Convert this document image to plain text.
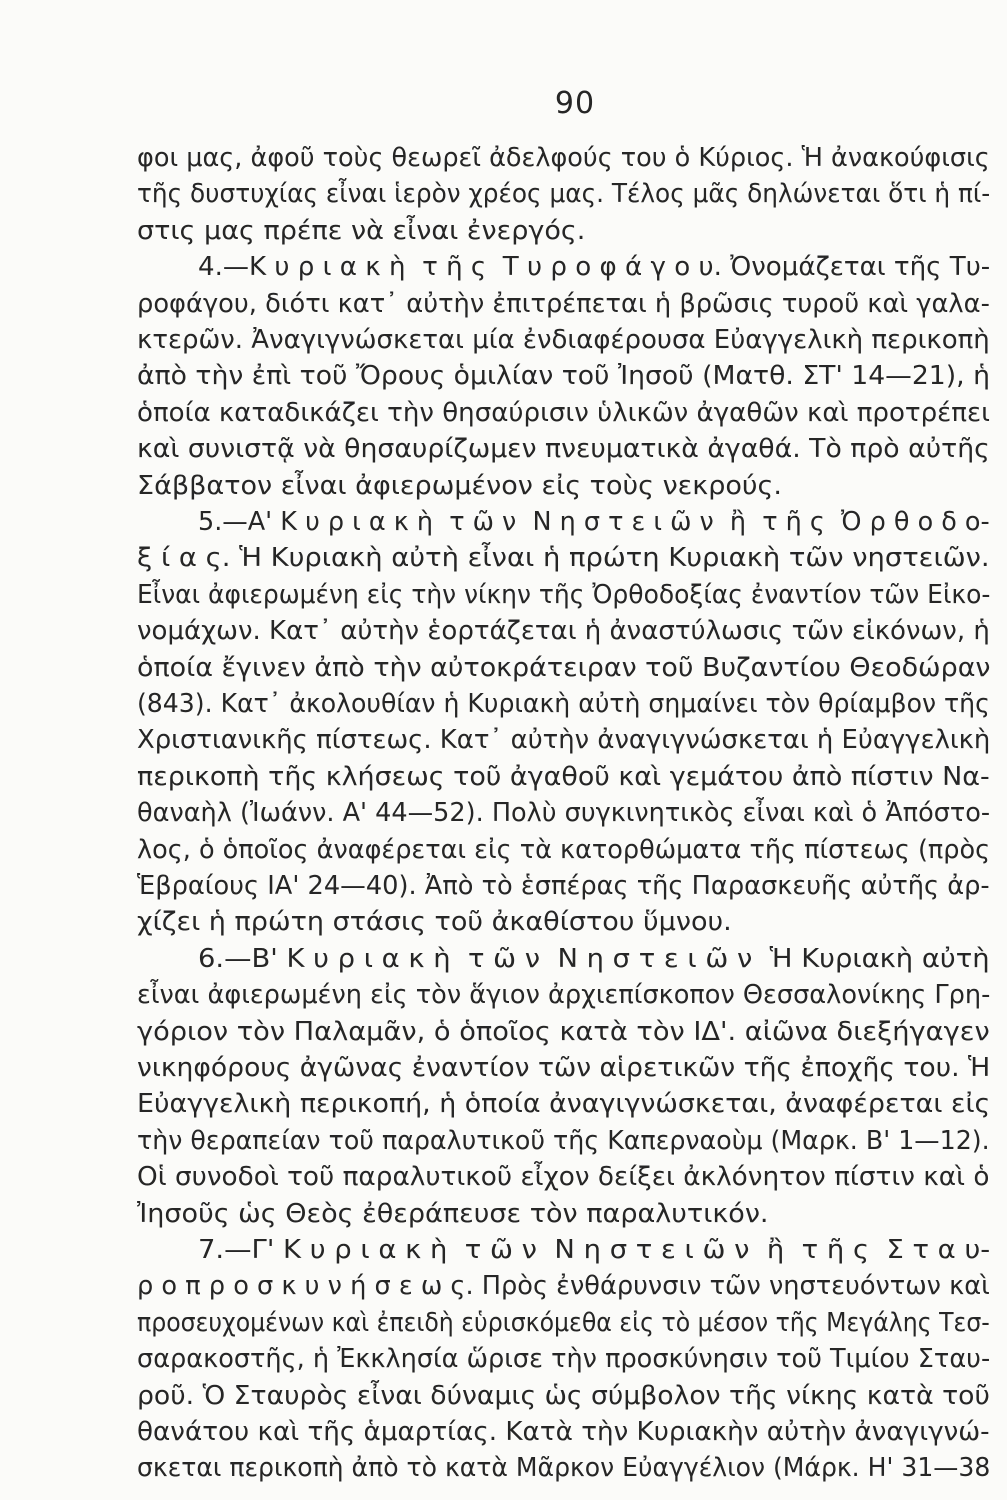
90
φοι μας, ἀφοῦ τοὺς θεωρεῖ ἀδελφούς του ὁ Κύριος. Ἡ ἀνακούφισις
τῆς δυστυχίας εἶναι ἱερὸν χρέος μας. Τέλος μᾶς δηλώνεται ὅτι ἡ πί-
στις μας πρέπε νὰ εἶναι ἐνεργός.
4.—Κ υ ρ ι α κ ὴ  τ ῆ ς  Τ υ ρ ο φ ά γ ο υ. Ὀνομάζεται τῆς Τυ-
ροφάγου, διότι κατ᾽ αὐτὴν ἐπιτρέπεται ἡ βρῶσις τυροῦ καὶ γαλα-
κτερῶν. Ἀναγιγνώσκεται μία ἐνδιαφέρουσα Εὐαγγελικὴ περικοπὴ
ἀπὸ τὴν ἐπὶ τοῦ Ὄρους ὁμιλίαν τοῦ Ἰησοῦ (Ματθ. ΣΤ' 14—21), ἡ
ὁποία καταδικάζει τὴν θησαύρισιν ὑλικῶν ἀγαθῶν καὶ προτρέπει
καὶ συνιστᾷ νὰ θησαυρίζωμεν πνευματικὰ ἀγαθά. Τὸ πρὸ αὐτῆς
Σάββατον εἶναι ἀφιερωμένον εἰς τοὺς νεκρούς.
5.—Α' Κ υ ρ ι α κ ὴ  τ ῶ ν  Ν η σ τ ε ι ῶ ν  ἢ  τ ῆ ς  Ὀ ρ θ ο δ ο-
ξ ί α ς. Ἡ Κυριακὴ αὐτὴ εἶναι ἡ πρώτη Κυριακὴ τῶν νηστειῶν.
Εἶναι ἀφιερωμένη εἰς τὴν νίκην τῆς Ὀρθοδοξίας ἐναντίον τῶν Εἰκο-
νομάχων. Κατ᾽ αὐτὴν ἑορτάζεται ἡ ἀναστύλωσις τῶν εἰκόνων, ἡ
ὁποία ἔγινεν ἀπὸ τὴν αὐτοκράτειραν τοῦ Βυζαντίου Θεοδώραν
(843). Κατ᾽ ἀκολουθίαν ἡ Κυριακὴ αὐτὴ σημαίνει τὸν θρίαμβον τῆς
Χριστιανικῆς πίστεως. Κατ᾽ αὐτὴν ἀναγιγνώσκεται ἡ Εὐαγγελικὴ
περικοπὴ τῆς κλήσεως τοῦ ἀγαθοῦ καὶ γεμάτου ἀπὸ πίστιν Να-
θαναὴλ (Ἰωάνν. Α' 44—52). Πολὺ συγκινητικὸς εἶναι καὶ ὁ Ἀπόστο-
λος, ὁ ὁποῖος ἀναφέρεται εἰς τὰ κατορθώματα τῆς πίστεως (πρὸς
Ἑβραίους ΙΑ' 24—40). Ἀπὸ τὸ ἑσπέρας τῆς Παρασκευῆς αὐτῆς ἀρ-
χίζει ἡ πρώτη στάσις τοῦ ἀκαθίστου ὕμνου.
6.—Β' Κ υ ρ ι α κ ὴ  τ ῶ ν  Ν η σ τ ε ι ῶ ν  Ἡ Κυριακὴ αὐτὴ
εἶναι ἀφιερωμένη εἰς τὸν ἅγιον ἀρχιεπίσκοπον Θεσσαλονίκης Γρη-
γόριον τὸν Παλαμᾶν, ὁ ὁποῖος κατὰ τὸν ΙΔ'. αἰῶνα διεξήγαγεν
νικηφόρους ἀγῶνας ἐναντίον τῶν αἱρετικῶν τῆς ἐποχῆς του. Ἡ
Εὐαγγελικὴ περικοπή, ἡ ὁποία ἀναγιγνώσκεται, ἀναφέρεται εἰς
τὴν θεραπείαν τοῦ παραλυτικοῦ τῆς Καπερναοὺμ (Μαρκ. Β' 1—12).
Οἱ συνοδοὶ τοῦ παραλυτικοῦ εἶχον δείξει ἀκλόνητον πίστιν καὶ ὁ
Ἰησοῦς ὡς Θεὸς ἐθεράπευσε τὸν παραλυτικόν.
7.—Γ' Κ υ ρ ι α κ ὴ  τ ῶ ν  Ν η σ τ ε ι ῶ ν  ἢ  τ ῆ ς  Σ τ α υ-
ρ ο π ρ ο σ κ υ ν ή σ ε ω ς. Πρὸς ἐνθάρυνσιν τῶν νηστευόντων καὶ
προσευχομένων καὶ ἐπειδὴ εὑρισκόμεθα εἰς τὸ μέσον τῆς Μεγάλης Τεσ-
σαρακοστῆς, ἡ Ἐκκλησία ὥρισε τὴν προσκύνησιν τοῦ Τιμίου Σταυ-
ροῦ. Ὁ Σταυρὸς εἶναι δύναμις ὡς σύμβολον τῆς νίκης κατὰ τοῦ
θανάτου καὶ τῆς ἁμαρτίας. Κατὰ τὴν Κυριακὴν αὐτὴν ἀναγιγνώ-
σκεται περικοπὴ ἀπὸ τὸ κατὰ Μᾶρκον Εὐαγγέλιον (Μάρκ. Η' 31—38
